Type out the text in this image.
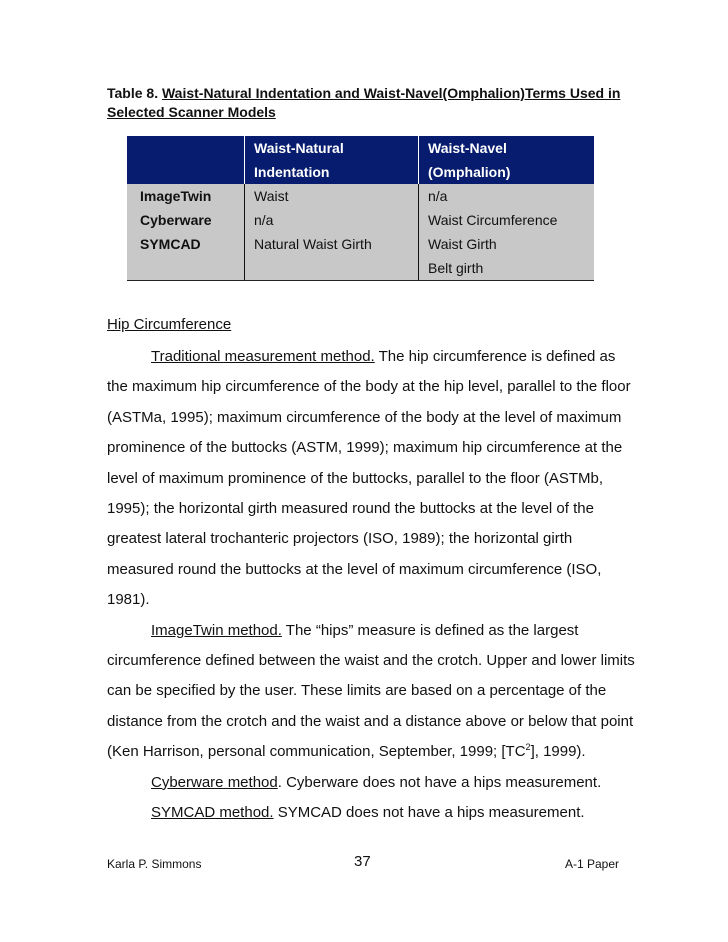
Table 8. Waist-Natural Indentation and Waist-Navel(Omphalion)Terms Used in Selected Scanner Models
	Waist-Natural	Waist-Navel
	Indentation	(Omphalion)
ImageTwin	Waist	n/a
Cyberware	n/a	Waist Circumference
SYMCAD	Natural Waist Girth	Waist Girth
		Belt girth
Hip Circumference

Traditional measurement method. The hip circumference is defined as the maximum hip circumference of the body at the hip level, parallel to the floor (ASTMa, 1995); maximum circumference of the body at the level of maximum prominence of the buttocks (ASTM, 1999); maximum hip circumference at the level of maximum prominence of the buttocks, parallel to the floor (ASTMb, 1995); the horizontal girth measured round the buttocks at the level of the greatest lateral trochanteric projectors (ISO, 1989); the horizontal girth measured round the buttocks at the level of maximum circumference (ISO, 1981).

ImageTwin method. The “hips” measure is defined as the largest circumference defined between the waist and the crotch. Upper and lower limits can be specified by the user. These limits are based on a percentage of the distance from the crotch and the waist and a distance above or below that point (Ken Harrison, personal communication, September, 1999; $[TC^2]$, 1999).

Cyberware method. Cyberware does not have a hips measurement.

SYMCAD method. SYMCAD does not have a hips measurement.

Karla P. Simmons	37	A-1 Paper
